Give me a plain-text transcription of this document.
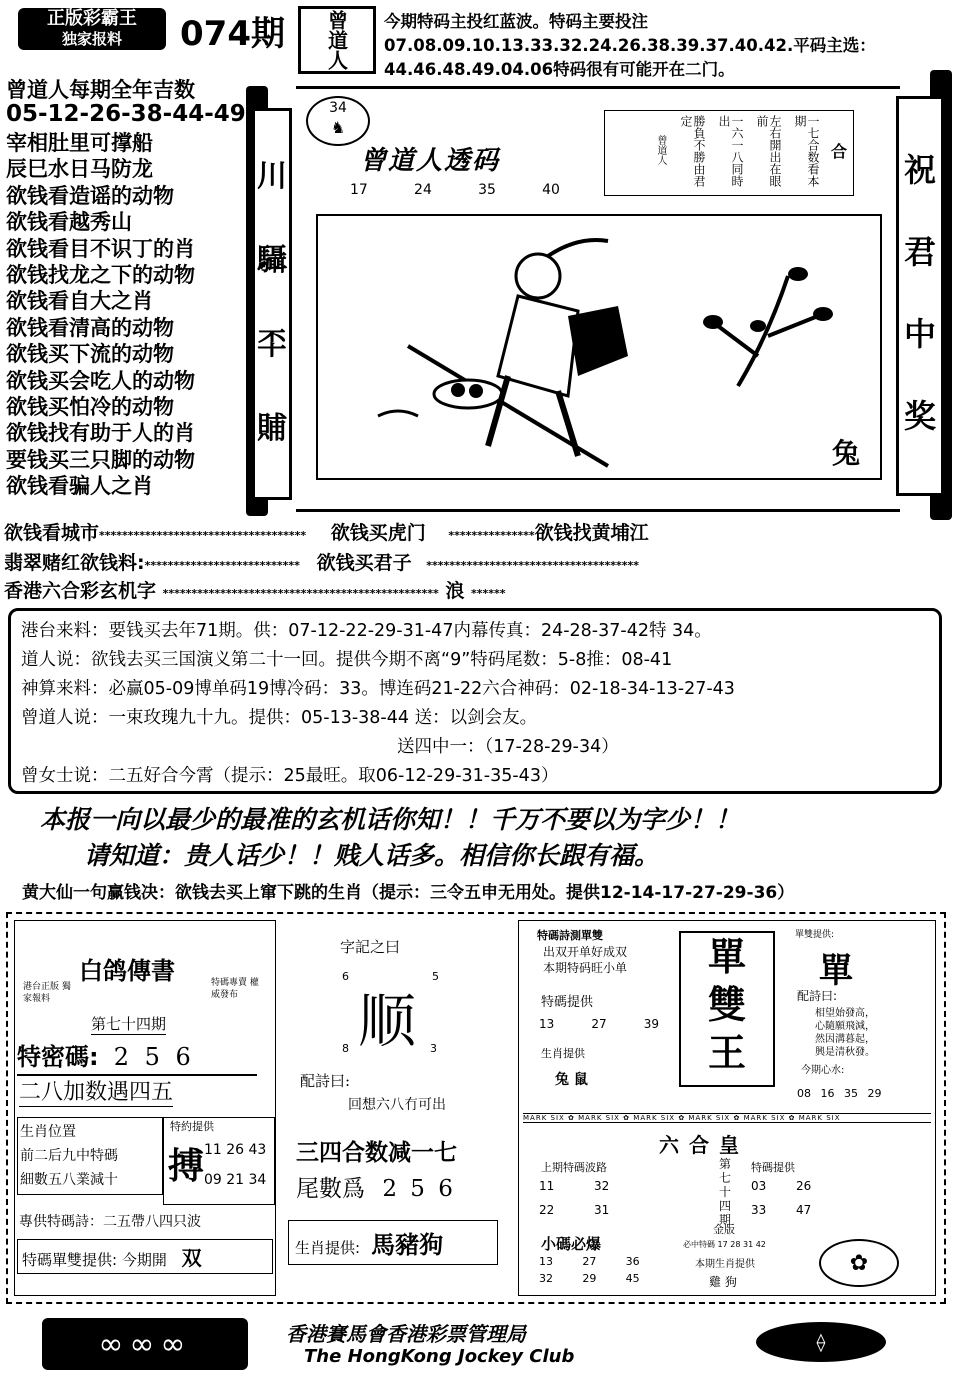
正版彩霸王
独家报料	074期 曾道人 今期特码主投红蓝波。特码主要投注07.08.09.10.13.33.32.24.26.38.39.37.40.42.平码主选：44.46.48.49.04.06特码很有可能开在二门。
曾道人每期全年吉数
05-12-26-38-44-49
宰相肚里可撑船
辰巳水日马防龙
欲钱看造谣的动物
欲钱看越秀山
欲钱看目不识丁的肖
欲钱找龙之下的动物
欲钱看自大之肖
欲钱看清高的动物
欲钱买下流的动物
欲钱买会吃人的动物
欲钱买怕冷的动物
欲钱找有助于人的肖
要钱买三只脚的动物
欲钱看骗人之肖
川
䯀
㔻
䝵
祝
君
中
奖
34
♞
曾道人透码
17	24	35	40
合
一七合数看本期
左右開出在眼前
一六一八同時出
勝負不勝由君定
曾道人
兔
欲钱看城市************************************ 欲钱买虎门 ***************欲钱找黄埔江
翡翠赌红欲钱料:*************************** 欲钱买君子 *************************************
香港六合彩玄机字 ************************************************ 浪 ******
港台来料：要钱买去年71期。供：07-12-22-29-31-47内幕传真：24-28-37-42特 34。
道人说：欲钱去买三国演义第二十一回。提供今期不离“9”特码尾数：5-8推：08-41
神算来料：必赢05-09博单码19博冷码：33。博连码21-22六合神码：02-18-34-13-27-43
曾道人说：一束玫瑰九十九。提供：05-13-38-44 送：以剑会友。
送四中一：（17-28-29-34）
曾女士说：二五好合今霄（提示：25最旺。取06-12-29-31-35-43）
本报一向以最少的最准的玄机话你知！！千万不要以为字少！！
请知道：贵人话少！！贱人话多。相信你长跟有福。
黄大仙一句赢钱决：欲钱去买上窜下跳的生肖（提示：三令五申无用处。提供12-14-17-27-29-36）
白鸽傳書
港台正版 獨家報料
特碼專賣 權威發布
第七十四期
特密碼: 2 5 6
二八加数遇四五
生肖位置
前二后九中特碼
細數五八業減十
特約提供
搏 11 26 43
09 21 34
專供特碼詩：二五帶八四只波
特碼單雙提供: 今期開 双
字記之曰
6	5
顺
8	3
配詩曰:
回想六八冇可出
三四合数减一七
尾數爲 2 5 6
生肖提供: 馬豬狗
特碼詩測單雙
出双开单好成双
本期特码旺小单
特碼提供
13	27	39
生肖提供
兔 鼠
單
雙
王
單雙提供:
單
配詩曰:
相望始發高，
心隨願飛減，
然因溝暮起，
興是清秋發。
今期心水:
08 16 35 29
MARK SIX ✿ MARK SIX ✿ MARK SIX ✿ MARK SIX ✿ MARK SIX ✿ MARK SIX
六合皇
上期特碼波路
11	32
22	31
第七十四期
金版
特碼提供
03	26
33	47
必中特碼 17 28 31 42
小碼必爆
13	27	36
32	29	45
本期生肖提供
雞 狗
✿
∞∞∞	香港賽馬會香港彩票管理局
The HongKong Jockey Club
⟠
